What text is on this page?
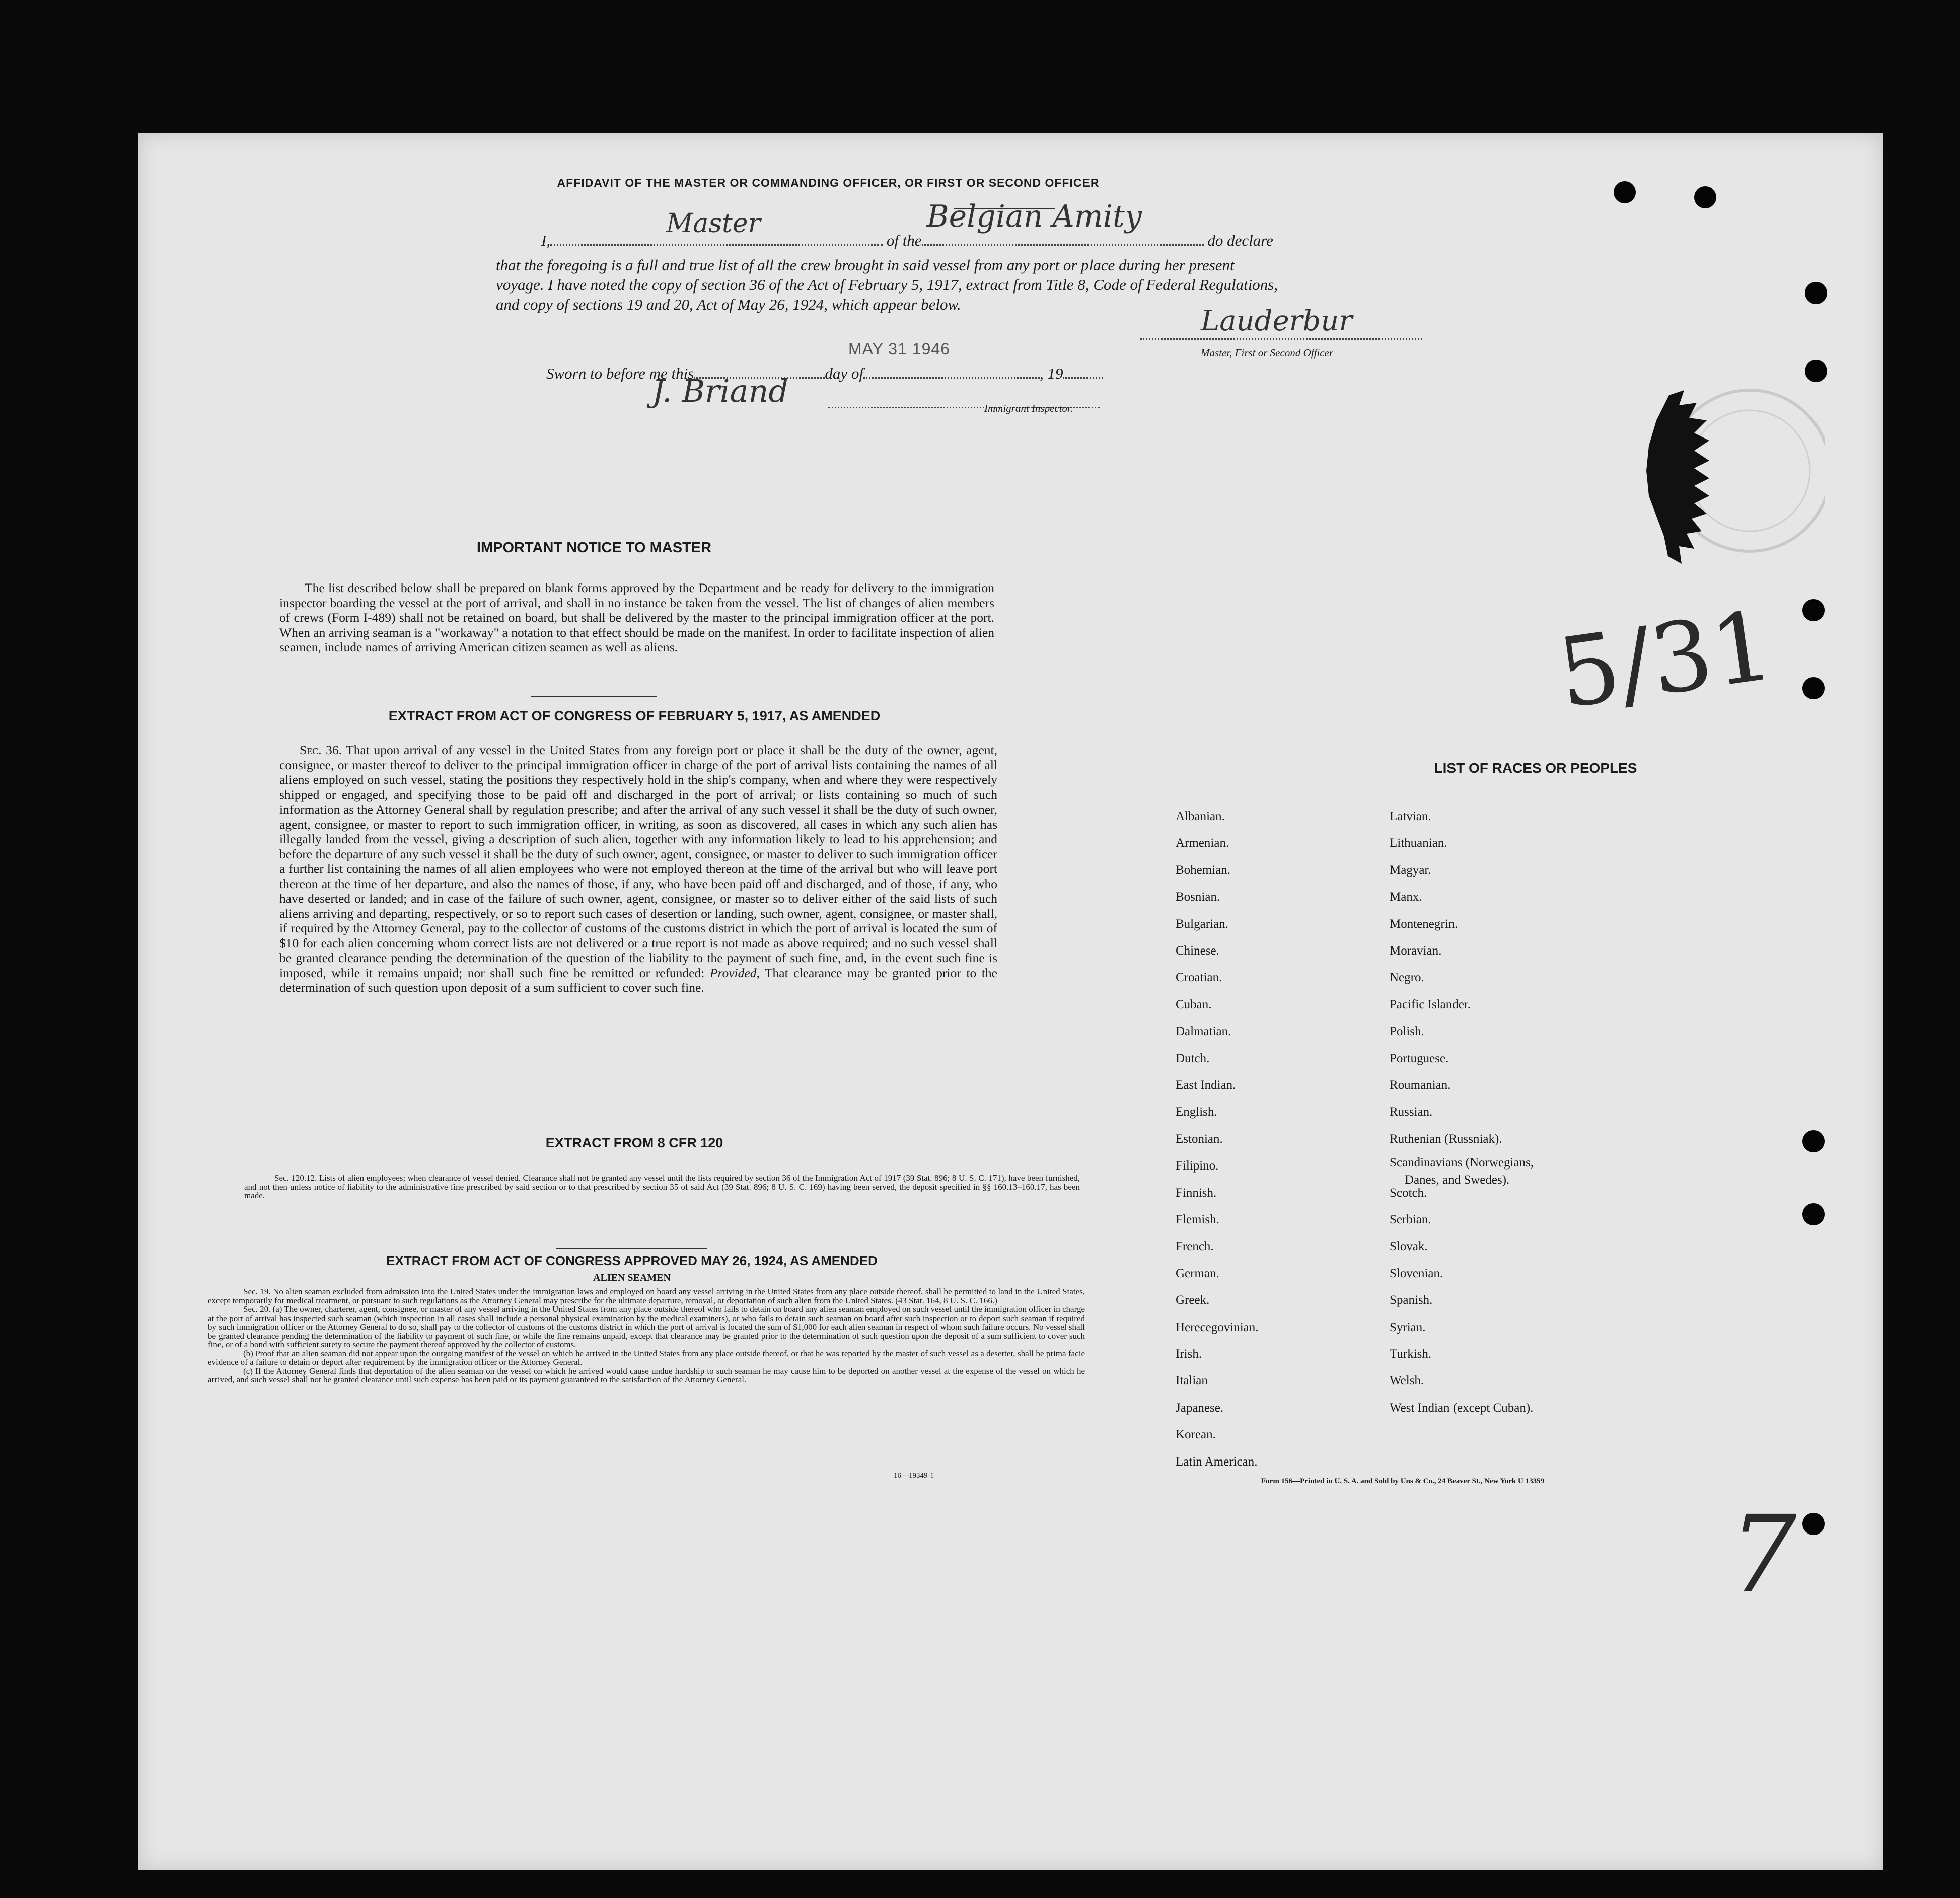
AFFIDAVIT OF THE MASTER OR COMMANDING OFFICER, OR FIRST OR SECOND OFFICER
I,
Master
of the
Belgian Amity
do declare
that the foregoing is a full and true list of all the crew brought in said vessel from any port or place during her present
voyage. I have noted the copy of section 36 of the Act of February 5, 1917, extract from Title 8, Code of Federal Regulations,
and copy of sections 19 and 20, Act of May 26, 1924, which appear below.
Lauderbur
Master, First or Second Officer
MAY 31 1946
Sworn to before me this	day of	, 19
J. Briand	Immigrant Inspector.
IMPORTANT NOTICE TO MASTER
The list described below shall be prepared on blank forms approved by the Department and be ready for delivery to the immigration inspector boarding the vessel at the port of arrival, and shall in no instance be taken from the vessel. The list of changes of alien members of crews (Form I-489) shall not be retained on board, but shall be delivered by the master to the principal immigration officer at the port. When an arriving seaman is a "workaway" a notation to that effect should be made on the manifest. In order to facilitate inspection of alien seamen, include names of arriving American citizen seamen as well as aliens.
EXTRACT FROM ACT OF CONGRESS OF FEBRUARY 5, 1917, AS AMENDED
Sec. 36. That upon arrival of any vessel in the United States from any foreign port or place it shall be the duty of the owner, agent, consignee, or master thereof to deliver to the principal immigration officer in charge of the port of arrival lists containing the names of all aliens employed on such vessel, stating the positions they respectively hold in the ship's company, when and where they were respectively shipped or engaged, and specifying those to be paid off and discharged in the port of arrival; or lists containing so much of such information as the Attorney General shall by regulation prescribe; and after the arrival of any such vessel it shall be the duty of such owner, agent, consignee, or master to report to such immigration officer, in writing, as soon as discovered, all cases in which any such alien has illegally landed from the vessel, giving a description of such alien, together with any information likely to lead to his apprehension; and before the departure of any such vessel it shall be the duty of such owner, agent, consignee, or master to deliver to such immigration officer a further list containing the names of all alien employees who were not employed thereon at the time of the arrival but who will leave port thereon at the time of her departure, and also the names of those, if any, who have been paid off and discharged, and of those, if any, who have deserted or landed; and in case of the failure of such owner, agent, consignee, or master so to deliver either of the said lists of such aliens arriving and departing, respectively, or so to report such cases of desertion or landing, such owner, agent, consignee, or master shall, if required by the Attorney General, pay to the collector of customs of the customs district in which the port of arrival is located the sum of $10 for each alien concerning whom correct lists are not delivered or a true report is not made as above required; and no such vessel shall be granted clearance pending the determination of the question of the liability to the payment of such fine, and, in the event such fine is imposed, while it remains unpaid; nor shall such fine be remitted or refunded: Provided, That clearance may be granted prior to the determination of such question upon deposit of a sum sufficient to cover such fine.
EXTRACT FROM 8 CFR 120
Sec. 120.12. Lists of alien employees; when clearance of vessel denied. Clearance shall not be granted any vessel until the lists required by section 36 of the Immigration Act of 1917 (39 Stat. 896; 8 U. S. C. 171), have been furnished, and not then unless notice of liability to the administrative fine prescribed by said section or to that prescribed by section 35 of said Act (39 Stat. 896; 8 U. S. C. 169) having been served, the deposit specified in §§ 160.13–160.17, has been made.
EXTRACT FROM ACT OF CONGRESS APPROVED MAY 26, 1924, AS AMENDED
ALIEN SEAMEN
Sec. 19. No alien seaman excluded from admission into the United States under the immigration laws and employed on board any vessel arriving in the United States from any place outside thereof, shall be permitted to land in the United States, except temporarily for medical treatment, or pursuant to such regulations as the Attorney General may prescribe for the ultimate departure, removal, or deportation of such alien from the United States. (43 Stat. 164, 8 U. S. C. 166.)
Sec. 20. (a) The owner, charterer, agent, consignee, or master of any vessel arriving in the United States from any place outside thereof who fails to detain on board any alien seaman employed on such vessel until the immigration officer in charge at the port of arrival has inspected such seaman (which inspection in all cases shall include a personal physical examination by the medical examiners), or who fails to detain such seaman on board after such inspection or to deport such seaman if required by such immigration officer or the Attorney General to do so, shall pay to the collector of customs of the customs district in which the port of arrival is located the sum of $1,000 for each alien seaman in respect of whom such failure occurs. No vessel shall be granted clearance pending the determination of the liability to payment of such fine, or while the fine remains unpaid, except that clearance may be granted prior to the determination of such question upon the deposit of a sum sufficient to cover such fine, or of a bond with sufficient surety to secure the payment thereof approved by the collector of customs.
(b) Proof that an alien seaman did not appear upon the outgoing manifest of the vessel on which he arrived in the United States from any place outside thereof, or that he was reported by the master of such vessel as a deserter, shall be prima facie evidence of a failure to detain or deport after requirement by the immigration officer or the Attorney General.
(c) If the Attorney General finds that deportation of the alien seaman on the vessel on which he arrived would cause undue hardship to such seaman he may cause him to be deported on another vessel at the expense of the vessel on which he arrived, and such vessel shall not be granted clearance until such expense has been paid or its payment guaranteed to the satisfaction of the Attorney General.
16—19349-1
LIST OF RACES OR PEOPLES
Albanian.
Armenian.
Bohemian.
Bosnian.
Bulgarian.
Chinese.
Croatian.
Cuban.
Dalmatian.
Dutch.
East Indian.
English.
Estonian.
Filipino.
Finnish.
Flemish.
French.
German.
Greek.
Herecegovinian.
Irish.
Italian
Japanese.
Korean.
Latin American.
Latvian.
Lithuanian.
Magyar.
Manx.
Montenegrin.
Moravian.
Negro.
Pacific Islander.
Polish.
Portuguese.
Roumanian.
Russian.
Ruthenian (Russniak).
Scandinavians (Norwegians,
Danes, and Swedes).
Scotch.
Serbian.
Slovak.
Slovenian.
Spanish.
Syrian.
Turkish.
Welsh.
West Indian (except Cuban).
Form 156—Printed in U. S. A. and Sold by Uns & Co., 24 Beaver St., New York U 13359
5/31
7
